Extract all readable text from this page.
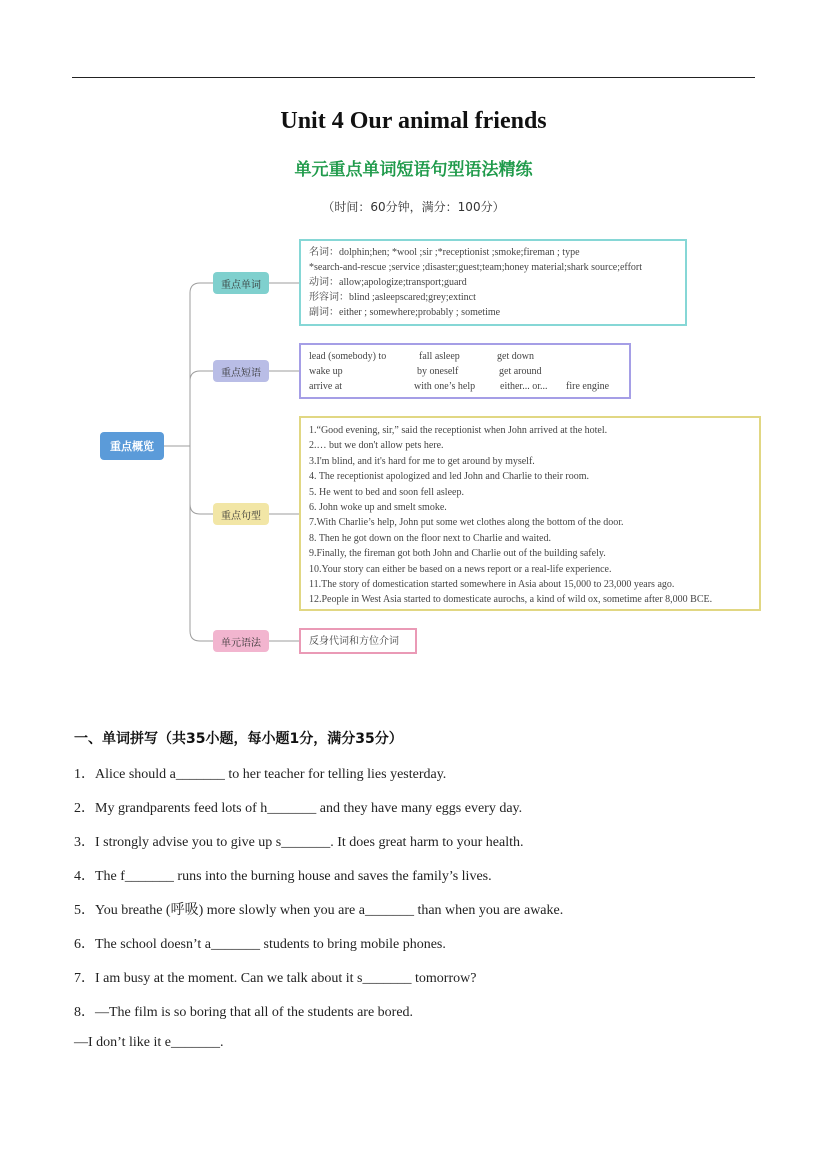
Unit 4 Our animal friends
单元重点单词短语句型语法精练
（时间：60分钟，满分：100分）
重点概览
重点单词
重点短语
重点句型
单元语法
名词：dolphin;hen; *wool ;sir ;*receptionist ;smoke;fireman ; type
*search-and-rescue ;service ;disaster;guest;team;honey material;shark source;effort
动词：allow;apologize;transport;guard
形容词：blind ;asleepscared;grey;extinct
副词：either ; somewhere;probably ; sometime
lead (somebody) to	fall asleep	get down
wake up	by oneself	get around
arrive at	with one’s help	either... or...	fire engine
1.“Good evening, sir,” said the receptionist when John arrived at the hotel.
2.… but we don't allow pets here.
3.I'm blind, and it's hard for me to get around by myself.
4. The receptionist apologized and led John and Charlie to their room.
5. He went to bed and soon fell asleep.
6. John woke up and smelt smoke.
7.With Charlie’s help, John put some wet clothes along the bottom of the door.
8. Then he got down on the floor next to Charlie and waited.
9.Finally, the fireman got both John and Charlie out of the building safely.
10.Your story can either be based on a news report or a real-life experience.
11.The story of domestication started somewhere in Asia about 15,000 to 23,000 years ago.
12.People in West Asia started to domesticate aurochs, a kind of wild ox, sometime after 8,000 BCE.
反身代词和方位介词
一、单词拼写（共35小题，每小题1分，满分35分）
1．Alice should a_______ to her teacher for telling lies yesterday.
2．My grandparents feed lots of h_______ and they have many eggs every day.
3．I strongly advise you to give up s_______. It does great harm to your health.
4．The f_______ runs into the burning house and saves the family’s lives.
5．You breathe (呼吸) more slowly when you are a_______ than when you are awake.
6．The school doesn’t a_______ students to bring mobile phones.
7．I am busy at the moment. Can we talk about it s_______ tomorrow?
8．—The film is so boring that all of the students are bored.
—I don’t like it e_______.
